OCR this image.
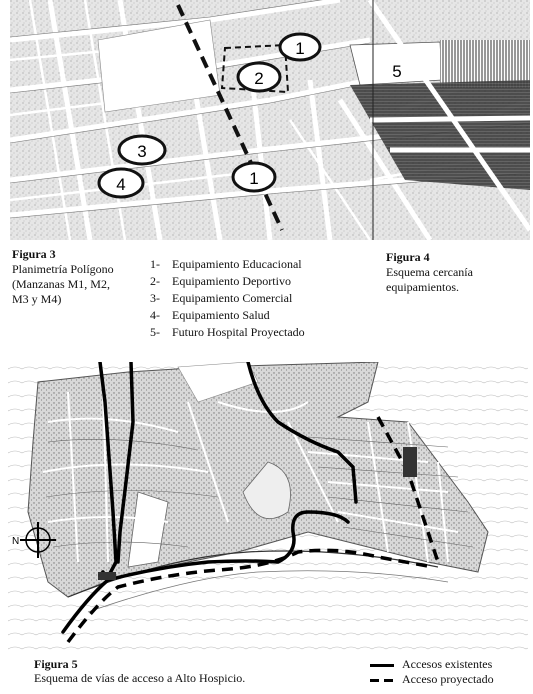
1
2
3
4	1
5
Figura 3
Planimetría Polígono
(Manzanas M1, M2,
M3 y M4)
1- Equipamiento Educacional
2- Equipamiento Deportivo
3- Equipamiento Comercial
4- Equipamiento Salud
5- Futuro Hospital Proyectado
Figura 4
Esquema cercanía
equipamientos.
N
Figura 5
Esquema de vías de acceso a Alto Hospicio.
Accesos existentes
Acceso proyectado
